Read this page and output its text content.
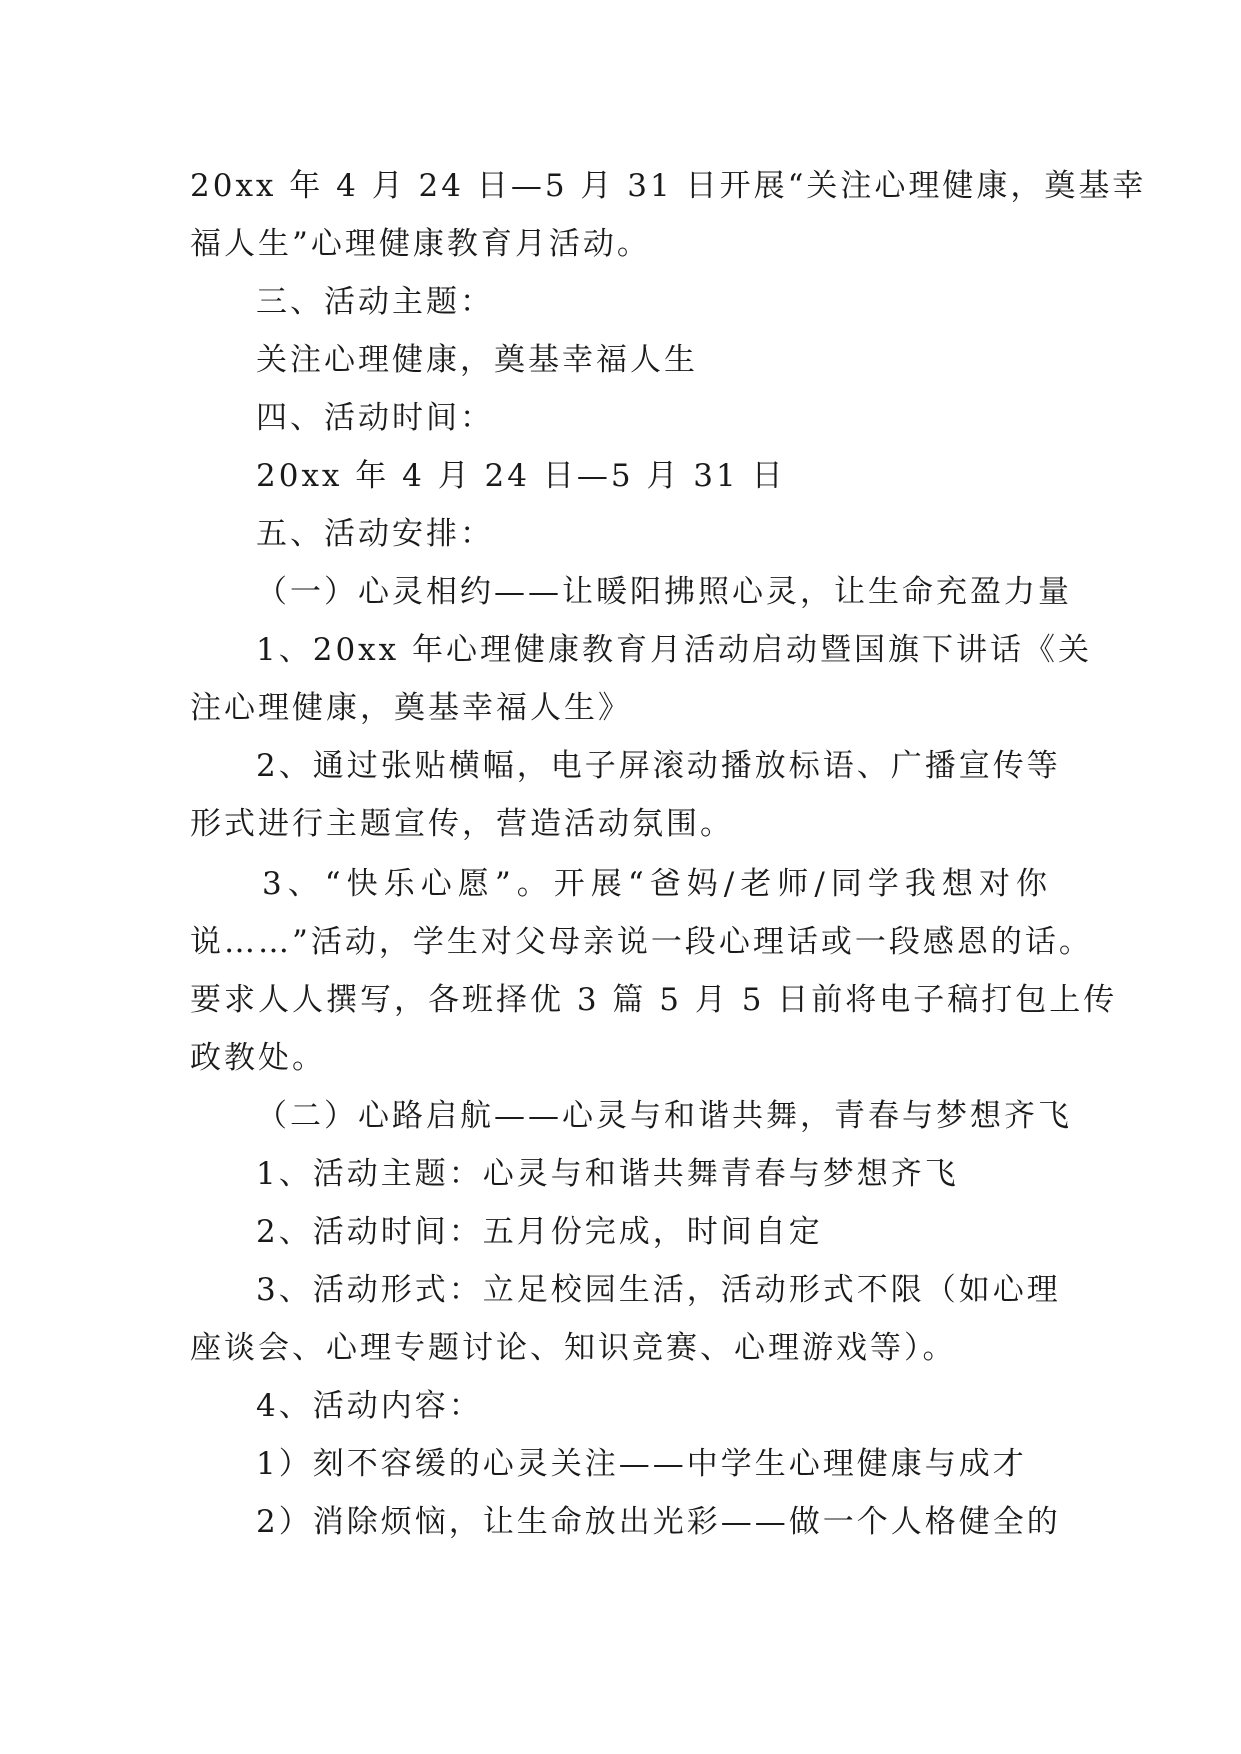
20xx 年 4 月 24 日—5 月 31 日开展“关注心理健康，奠基幸
福人生”心理健康教育月活动。
三、活动主题：
关注心理健康，奠基幸福人生
四、活动时间：
20xx 年 4 月 24 日—5 月 31 日
五、活动安排：
（一）心灵相约——让暖阳拂照心灵，让生命充盈力量
1、20xx 年心理健康教育月活动启动暨国旗下讲话《关
注心理健康，奠基幸福人生》
2、通过张贴横幅，电子屏滚动播放标语、广播宣传等
形式进行主题宣传，营造活动氛围。
3、“快乐心愿”。开展“爸妈/老师/同学我想对你
说……”活动，学生对父母亲说一段心理话或一段感恩的话。
要求人人撰写，各班择优 3 篇 5 月 5 日前将电子稿打包上传
政教处。
（二）心路启航——心灵与和谐共舞，青春与梦想齐飞
1、活动主题：心灵与和谐共舞青春与梦想齐飞
2、活动时间：五月份完成，时间自定
3、活动形式：立足校园生活，活动形式不限（如心理
座谈会、心理专题讨论、知识竞赛、心理游戏等）。
4、活动内容：
1）刻不容缓的心灵关注——中学生心理健康与成才
2）消除烦恼，让生命放出光彩——做一个人格健全的
